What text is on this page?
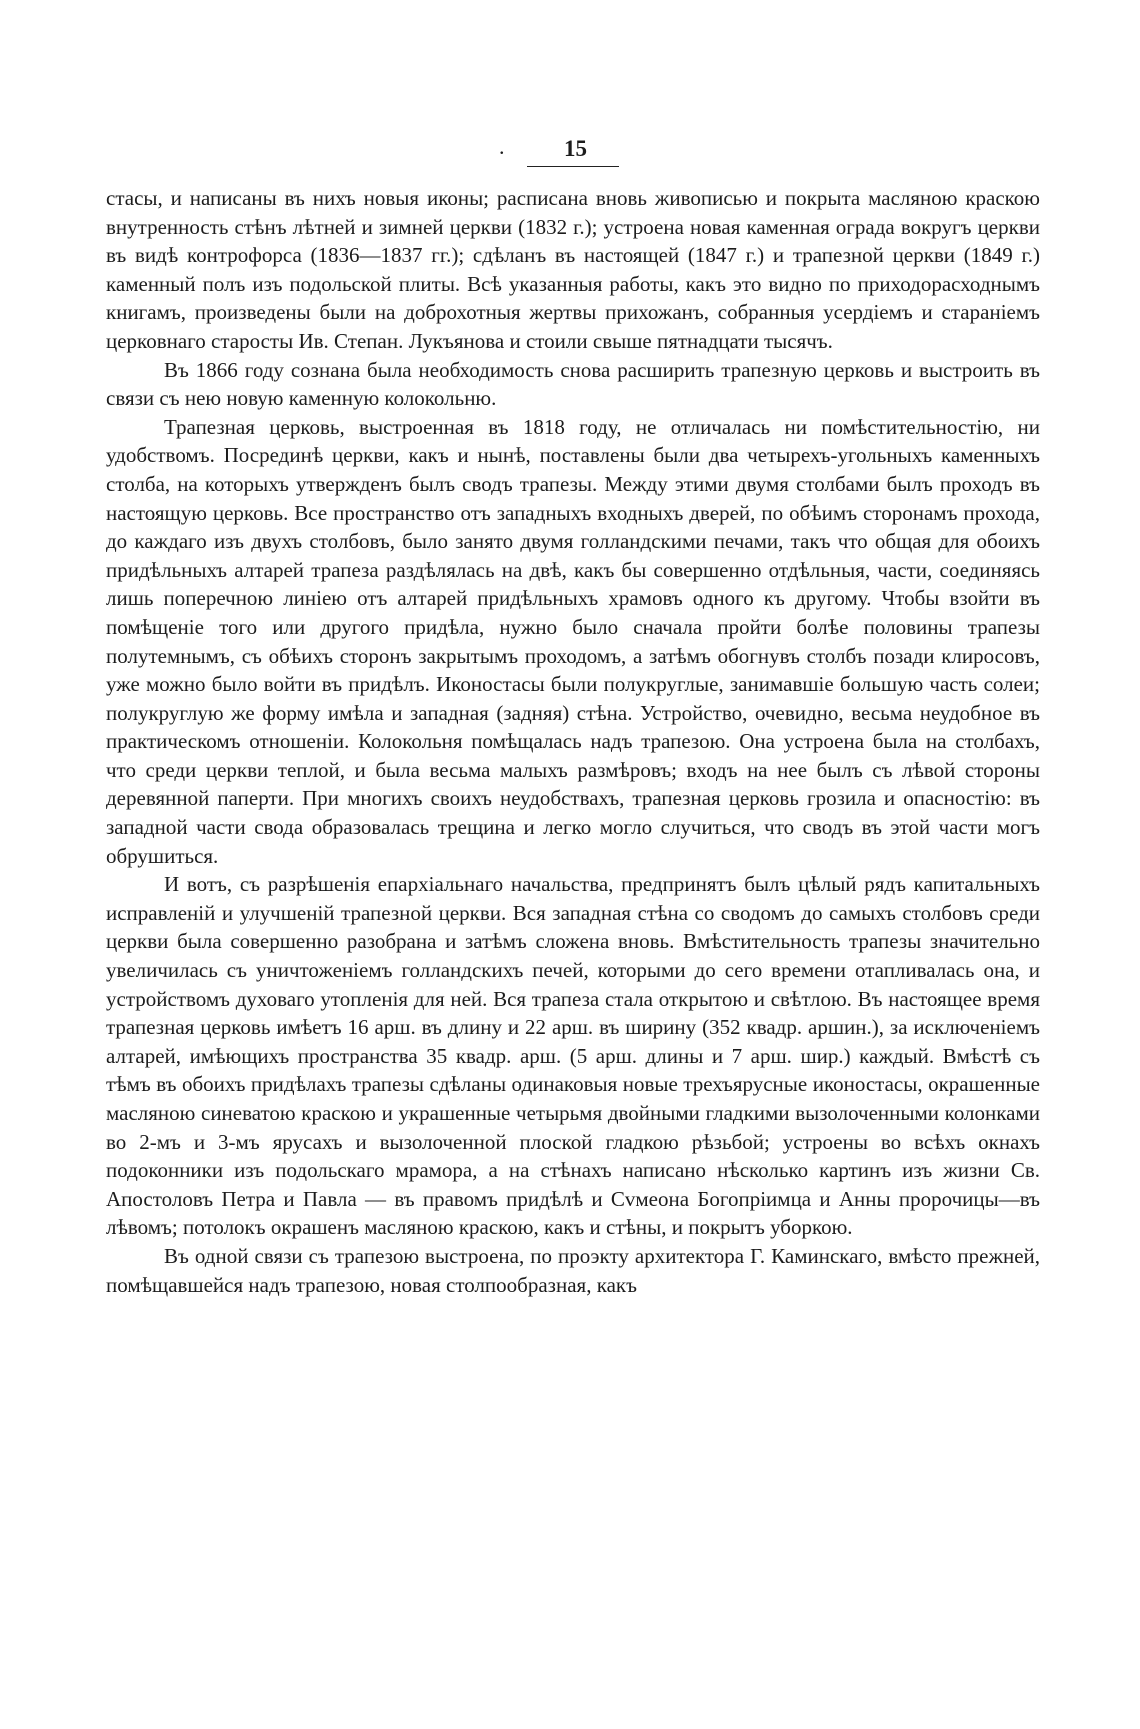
.	15

стасы, и написаны въ нихъ новыя иконы; расписана вновь живописью и покрыта масляною краскою внутренность стѣнъ лѣтней и зимней церкви (1832 г.); устроена новая каменная ограда вокругъ церкви въ видѣ контрофорса (1836—1837 гг.); сдѣланъ въ настоящей (1847 г.) и трапезной церкви (1849 г.) каменный полъ изъ подольской плиты. Всѣ указанныя работы, какъ это видно по приходорасходнымъ книгамъ, произведены были на доброхотныя жертвы прихожанъ, собранныя усердіемъ и стараніемъ церковнаго старосты Ив. Степан. Лукъянова и стоили свыше пятнадцати тысячъ.

Въ 1866 году сознана была необходимость снова расширить трапезную церковь и выстроить въ связи съ нею новую каменную колокольню.

Трапезная церковь, выстроенная въ 1818 году, не отличалась ни помѣстительностію, ни удобствомъ. Посрединѣ церкви, какъ и нынѣ, поставлены были два четырехъ-угольныхъ каменныхъ столба, на которыхъ утвержденъ былъ сводъ трапезы. Между этими двумя столбами былъ проходъ въ настоящую церковь. Все пространство отъ западныхъ входныхъ дверей, по обѣимъ сторонамъ прохода, до каждаго изъ двухъ столбовъ, было занято двумя голландскими печами, такъ что общая для обоихъ придѣльныхъ алтарей трапеза раздѣлялась на двѣ, какъ бы совершенно отдѣльныя, части, соединяясь лишь поперечною линіею отъ алтарей придѣльныхъ храмовъ одного къ другому. Чтобы взойти въ помѣщеніе того или другого придѣла, нужно было сначала пройти болѣе половины трапезы полутемнымъ, съ обѣихъ сторонъ закрытымъ проходомъ, а затѣмъ обогнувъ столбъ позади клиросовъ, уже можно было войти въ придѣлъ. Иконостасы были полукруглые, занимавшіе большую часть солеи; полукруглую же форму имѣла и западная (задняя) стѣна. Устройство, очевидно, весьма неудобное въ практическомъ отношеніи. Колокольня помѣщалась надъ трапезою. Она устроена была на столбахъ, что среди церкви теплой, и была весьма малыхъ размѣровъ; входъ на нее былъ съ лѣвой стороны деревянной паперти. При многихъ своихъ неудобствахъ, трапезная церковь грозила и опасностію: въ западной части свода образовалась трещина и легко могло случиться, что сводъ въ этой части могъ обрушиться.

И вотъ, съ разрѣшенія епархіальнаго начальства, предпринятъ былъ цѣлый рядъ капитальныхъ исправленій и улучшеній трапезной церкви. Вся западная стѣна со сводомъ до самыхъ столбовъ среди церкви была совершенно разобрана и затѣмъ сложена вновь. Вмѣстительность трапезы значительно увеличилась съ уничтоженіемъ голландскихъ печей, которыми до сего времени отапливалась она, и устройствомъ духоваго утопленія для ней. Вся трапеза стала открытою и свѣтлою. Въ настоящее время трапезная церковь имѣетъ 16 арш. въ длину и 22 арш. въ ширину (352 квадр. аршин.), за исключеніемъ алтарей, имѣющихъ пространства 35 квадр. арш. (5 арш. длины и 7 арш. шир.) каждый. Вмѣстѣ съ тѣмъ въ обоихъ придѣлахъ трапезы сдѣланы одинаковыя новые трехъярусные иконостасы, окрашенные масляною синеватою краскою и украшенные четырьмя двойными гладкими вызолоченными колонками во 2-мъ и 3-мъ ярусахъ и вызолоченной плоской гладкою рѣзьбой; устроены во всѣхъ окнахъ подоконники изъ подольскаго мрамора, а на стѣнахъ написано нѣсколько картинъ изъ жизни Св. Апостоловъ Петра и Павла — въ правомъ придѣлѣ и Сvмеона Богопріимца и Анны пророчицы—въ лѣвомъ; потолокъ окрашенъ масляною краскою, какъ и стѣны, и покрытъ уборкою.

Въ одной связи съ трапезою выстроена, по проэкту архитектора Г. Каминскаго, вмѣсто прежней, помѣщавшейся надъ трапезою, новая столпообразная, какъ
